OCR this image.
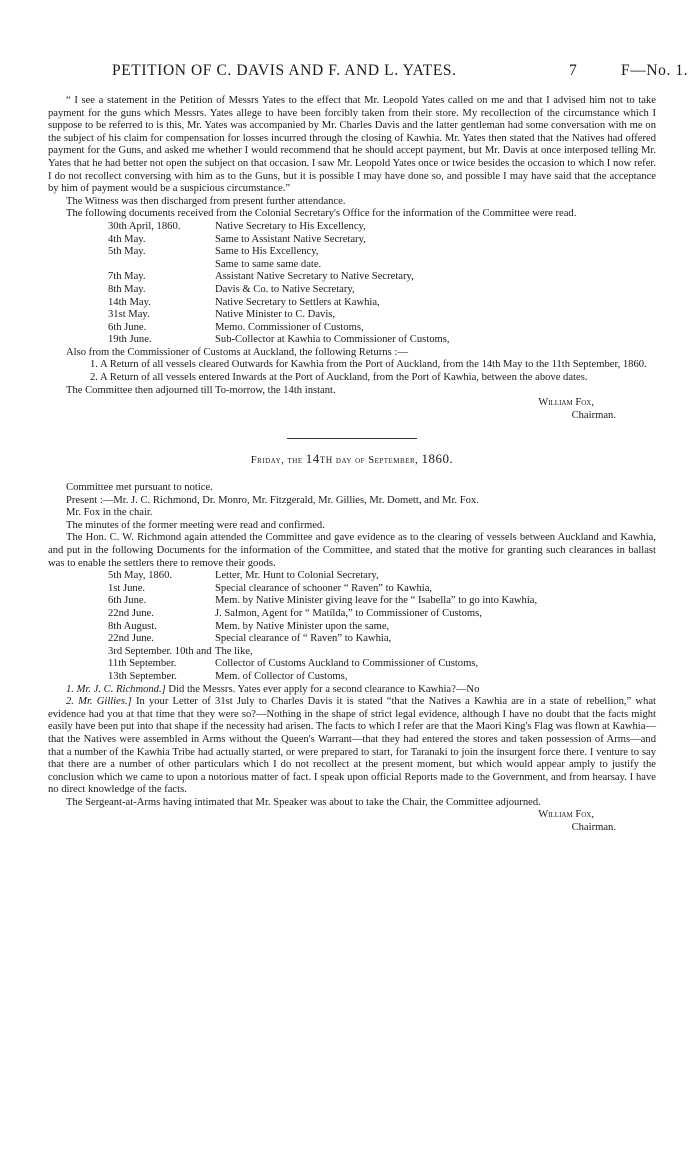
PETITION OF C. DAVIS AND F. AND L. YATES.	7	F—No. 1.

“ I see a statement in the Petition of Messrs Yates to the effect that Mr. Leopold Yates called on me and that I advised him not to take payment for the guns which Messrs. Yates allege to have been forcibly taken from their store. My recollection of the circumstance which I suppose to be referred to is this, Mr. Yates was accompanied by Mr. Charles Davis and the latter gentleman had some conversation with me on the subject of his claim for compensation for losses incurred through the closing of Kawhia. Mr. Yates then stated that the Natives had offered payment for the Guns, and asked me whether I would recommend that he should accept payment, but Mr. Davis at once interposed telling Mr. Yates that he had better not open the subject on that occasion. I saw Mr. Leopold Yates once or twice besides the occasion to which I now refer. I do not recollect conversing with him as to the Guns, but it is possible I may have done so, and possible I may have said that the acceptance by him of payment would be a suspicious circumstance.”

The Witness was then discharged from present further attendance.

The following documents received from the Colonial Secretary's Office for the information of the Committee were read.

30th April, 1860.	Native Secretary to His Excellency,
4th May.	Same to Assistant Native Secretary,
5th May.	Same to His Excellency,
	Same to same same date.
7th May.	Assistant Native Secretary to Native Secretary,
8th May.	Davis & Co. to Native Secretary,
14th May.	Native Secretary to Settlers at Kawhia,
31st May.	Native Minister to C. Davis,
6th June.	Memo. Commissioner of Customs,
19th June.	Sub-Collector at Kawhia to Commissioner of Customs,

Also from the Commissioner of Customs at Auckland, the following Returns :—

1. A Return of all vessels cleared Outwards for Kawhia from the Port of Auckland, from the 14th May to the 11th September, 1860.

2. A Return of all vessels entered Inwards at the Port of Auckland, from the Port of Kawhia, between the above dates.

The Committee then adjourned till To-morrow, the 14th instant.

William Fox,
Chairman.
Friday, the 14th day of September, 1860.

Committee met pursuant to notice.

Present :—Mr. J. C. Richmond, Dr. Monro, Mr. Fitzgerald, Mr. Gillies, Mr. Domett, and Mr. Fox.

Mr. Fox in the chair.

The minutes of the former meeting were read and confirmed.

The Hon. C. W. Richmond again attended the Committee and gave evidence as to the clearing of vessels between Auckland and Kawhia, and put in the following Documents for the information of the Committee, and stated that the motive for granting such clearances in ballast was to enable the settlers there to remove their goods.

5th May, 1860.	Letter, Mr. Hunt to Colonial Secretary,
1st June.	Special clearance of schooner “ Raven” to Kawhia,
6th June.	Mem. by Native Minister giving leave for the “ Isabella” to go into Kawhia,
22nd June.	J. Salmon, Agent for “ Matilda,” to Commissioner of Customs,
8th August.	Mem. by Native Minister upon the same,
22nd June.	Special clearance of “ Raven” to Kawhia,
3rd September. 10th and	The like,
11th September.	Collector of Customs Auckland to Commissioner of Customs,
13th September.	Mem. of Collector of Customs,

1. Mr. J. C. Richmond.] Did the Messrs. Yates ever apply for a second clearance to Kawhia?—No

2. Mr. Gillies.] In your Letter of 31st July to Charles Davis it is stated “that the Natives a Kawhia are in a state of rebellion,” what evidence had you at that time that they were so?—Nothing in the shape of strict legal evidence, although I have no doubt that the facts might easily have been put into that shape if the necessity had arisen. The facts to which I refer are that the Maori King's Flag was flown at Kawhia—that the Natives were assembled in Arms without the Queen's Warrant—that they had entered the stores and taken possession of Arms—and that a number of the Kawhia Tribe had actually started, or were prepared to start, for Taranaki to join the insurgent force there. I venture to say that there are a number of other particulars which I do not recollect at the present moment, but which would appear amply to justify the conclusion which we came to upon a notorious matter of fact. I speak upon official Reports made to the Government, and from hearsay. I have no direct knowledge of the facts.

The Sergeant-at-Arms having intimated that Mr. Speaker was about to take the Chair, the Committee adjourned.

William Fox,
Chairman.
